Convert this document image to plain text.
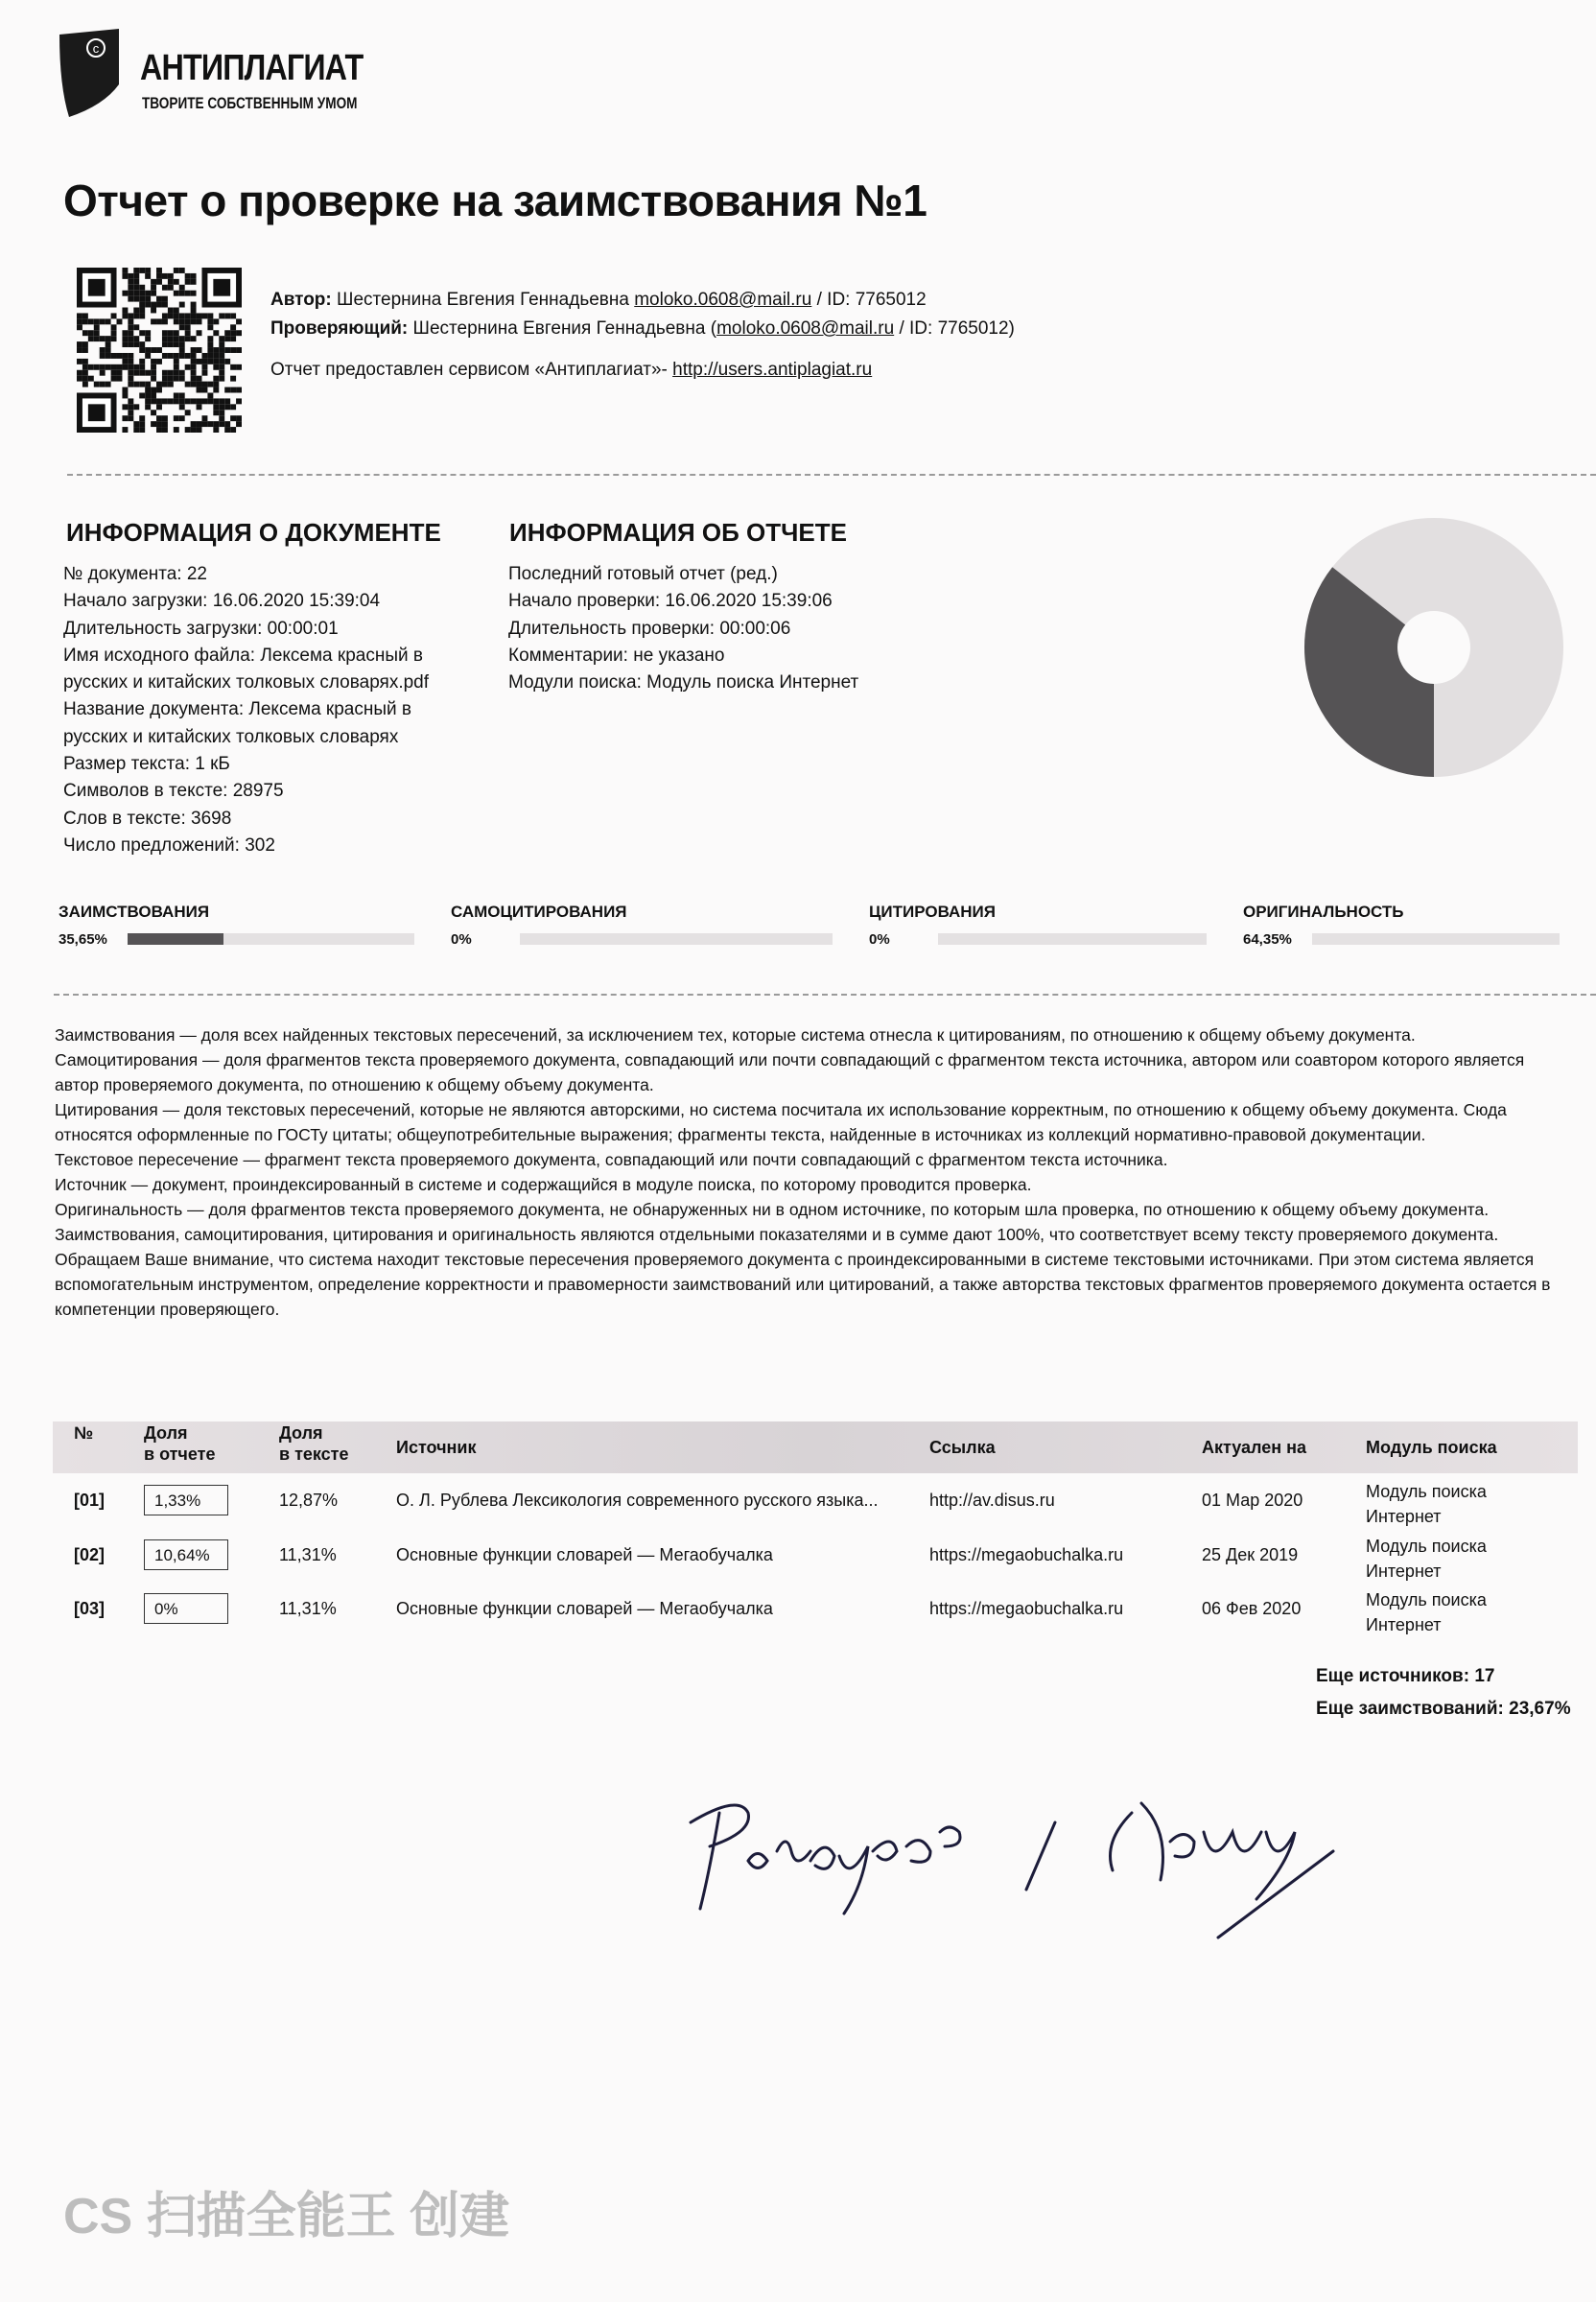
c АНТИПЛАГИАТ
ТВОРИТЕ СОБСТВЕННЫМ УМОМ
Отчет о проверке на заимствования №1
Автор: Шестернина Евгения Геннадьевна moloko.0608@mail.ru / ID: 7765012
Проверяющий: Шестернина Евгения Геннадьевна (moloko.0608@mail.ru / ID: 7765012)
Отчет предоставлен сервисом «Антиплагиат»- http://users.antiplagiat.ru
ИНФОРМАЦИЯ О ДОКУМЕНТЕ
№ документа: 22
Начало загрузки: 16.06.2020 15:39:04
Длительность загрузки: 00:00:01
Имя исходного файла: Лексема красный в
русских и китайских толковых словарях.pdf
Название документа: Лексема красный в
русских и китайских толковых словарях
Размер текста: 1 кБ
Символов в тексте: 28975
Слов в тексте: 3698
Число предложений: 302
ИНФОРМАЦИЯ ОБ ОТЧЕТЕ
Последний готовый отчет (ред.)
Начало проверки: 16.06.2020 15:39:06
Длительность проверки: 00:00:06
Комментарии: не указано
Модули поиска: Модуль поиска Интернет
ЗАИМСТВОВАНИЯ
35,65%
САМОЦИТИРОВАНИЯ
0%
ЦИТИРОВАНИЯ
0%
ОРИГИНАЛЬНОСТЬ
64,35%

Заимствования — доля всех найденных текстовых пересечений, за исключением тех, которые система отнесла к цитированиям, по отношению к общему объему документа.

Самоцитирования — доля фрагментов текста проверяемого документа, совпадающий или почти совпадающий с фрагментом текста источника, автором или соавтором которого является автор проверяемого документа, по отношению к общему объему документа.

Цитирования — доля текстовых пересечений, которые не являются авторскими, но система посчитала их использование корректным, по отношению к общему объему документа. Сюда относятся оформленные по ГОСТу цитаты; общеупотребительные выражения; фрагменты текста, найденные в источниках из коллекций нормативно-правовой документации.

Текстовое пересечение — фрагмент текста проверяемого документа, совпадающий или почти совпадающий с фрагментом текста источника.

Источник — документ, проиндексированный в системе и содержащийся в модуле поиска, по которому проводится проверка.

Оригинальность — доля фрагментов текста проверяемого документа, не обнаруженных ни в одном источнике, по которым шла проверка, по отношению к общему объему документа.

Заимствования, самоцитирования, цитирования и оригинальность являются отдельными показателями и в сумме дают 100%, что соответствует всему тексту проверяемого документа.

Обращаем Ваше внимание, что система находит текстовые пересечения проверяемого документа с проиндексированными в системе текстовыми источниками. При этом система является вспомогательным инструментом, определение корректности и правомерности заимствований или цитирований, а также авторства текстовых фрагментов проверяемого документа остается в компетенции проверяющего.

№	Доля
в отчете
Доля
в тексте	Источник	Ссылка	Актуален на	Модуль поиска
[01]	1,33%	12,87%	О. Л. Рублева Лексикология современного русского языка...	http://av.disus.ru	01 Мар 2020	Модуль поиска
Интернет
[02]	10,64%	11,31%	Основные функции словарей — Мегаобучалка	https://megaobuchalka.ru	25 Дек 2019	Модуль поиска
Интернет
[03]	0%	11,31%	Основные функции словарей — Мегаобучалка	https://megaobuchalka.ru	06 Фев 2020	Модуль поиска
Интернет
Еще источников: 17
Еще заимствований: 23,67%
CS 扫描全能王 创建
